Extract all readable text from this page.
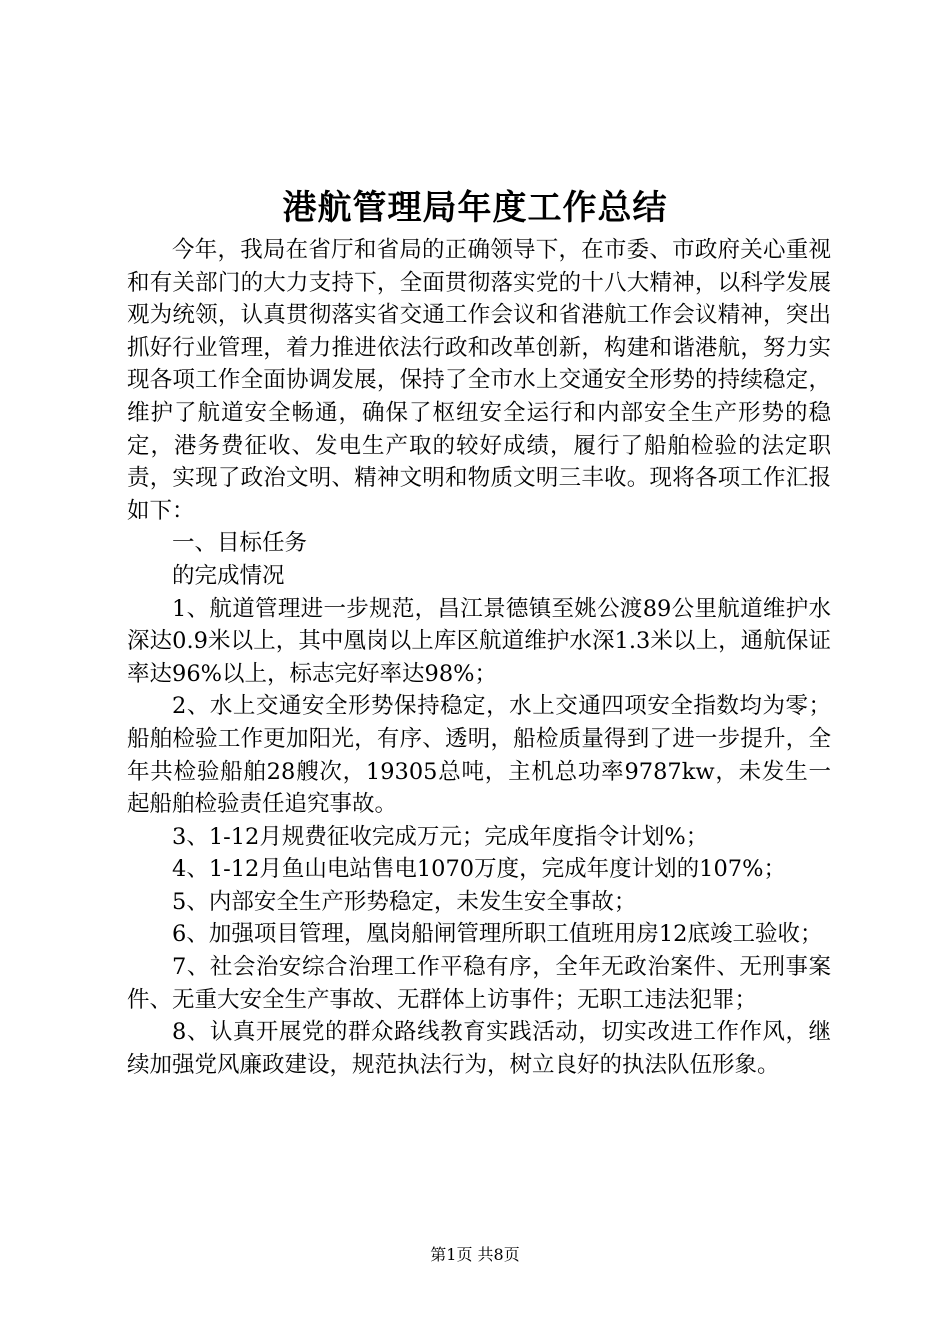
港航管理局年度工作总结

今年，我局在省厅和省局的正确领导下，在市委、市政府关心重视和有关部门的大力支持下，全面贯彻落实党的十八大精神，以科学发展观为统领，认真贯彻落实省交通工作会议和省港航工作会议精神，突出抓好行业管理，着力推进依法行政和改革创新，构建和谐港航，努力实现各项工作全面协调发展，保持了全市水上交通安全形势的持续稳定，维护了航道安全畅通，确保了枢纽安全运行和内部安全生产形势的稳定，港务费征收、发电生产取的较好成绩，履行了船舶检验的法定职责，实现了政治文明、精神文明和物质文明三丰收。现将各项工作汇报如下：

一、目标任务

的完成情况

1、航道管理进一步规范，昌江景德镇至姚公渡89公里航道维护水深达0.9米以上，其中凰岗以上库区航道维护水深1.3米以上，通航保证率达96%以上，标志完好率达98%；

2、水上交通安全形势保持稳定，水上交通四项安全指数均为零；船舶检验工作更加阳光，有序、透明，船检质量得到了进一步提升，全年共检验船舶28艘次，19305总吨，主机总功率9787kw，未发生一起船舶检验责任追究事故。

3、1-12月规费征收完成万元；完成年度指令计划%；

4、1-12月鱼山电站售电1070万度，完成年度计划的107%；

5、内部安全生产形势稳定，未发生安全事故；

6、加强项目管理，凰岗船闸管理所职工值班用房12底竣工验收；

7、社会治安综合治理工作平稳有序，全年无政治案件、无刑事案件、无重大安全生产事故、无群体上访事件；无职工违法犯罪；

8、认真开展党的群众路线教育实践活动，切实改进工作作风，继续加强党风廉政建设，规范执法行为，树立良好的执法队伍形象。

第1页 共8页
